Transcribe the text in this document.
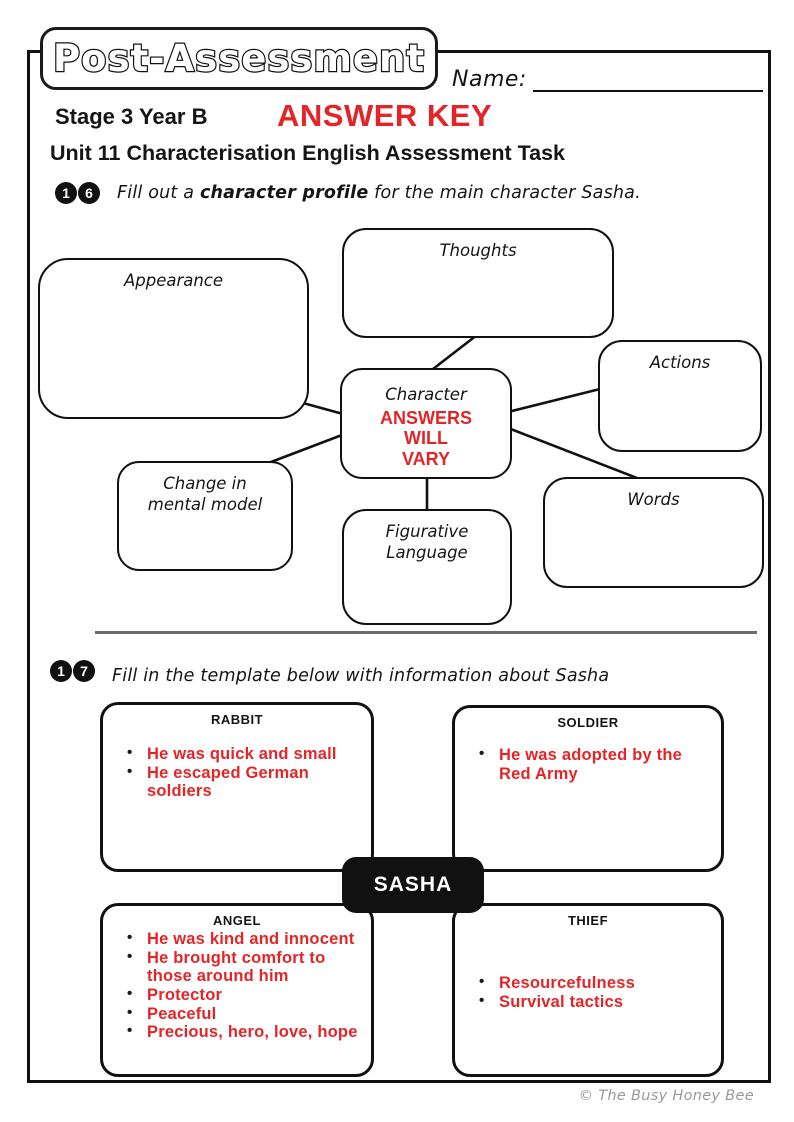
Post-Assessment Name:
Stage 3 Year B ANSWER KEY
Unit 11 Characterisation English Assessment Task
1	6	Fill out a character profile for the main character Sasha.
Appearance
Thoughts
Actions
Character
ANSWERS
WILL
VARY
Change in mental model
Figurative Language
Words
1	7	Fill in the template below with information about Sasha
RABBIT
• He was quick and small
• He escaped German soldiers
SOLDIER
• He was adopted by the Red Army
ANGEL
• He was kind and innocent
• He brought comfort to those around him
• Protector
• Peaceful
• Precious, hero, love, hope
THIEF
• Resourcefulness
• Survival tactics
SASHA
© The Busy Honey Bee
